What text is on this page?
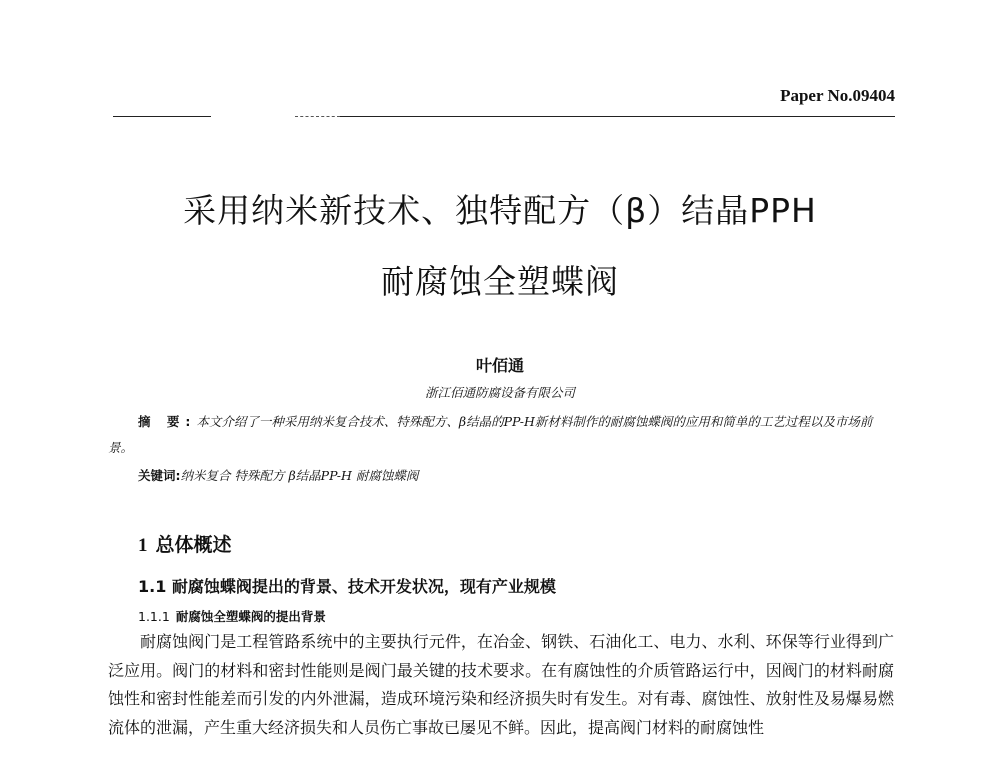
Paper No.09404
采用纳米新技术、独特配方（β）结晶PPH
耐腐蚀全塑蝶阀
叶佰通
浙江佰通防腐设备有限公司

摘 要:本文介绍了一种采用纳米复合技术、特殊配方、β结晶的PP-H新材料制作的耐腐蚀蝶阀的应用和简单的工艺过程以及市场前景。

关键词:纳米复合 特殊配方 β结晶PP-H 耐腐蚀蝶阀
1 总体概述
1.1 耐腐蚀蝶阀提出的背景、技术开发状况，现有产业规模
1.1.1 耐腐蚀全塑蝶阀的提出背景

耐腐蚀阀门是工程管路系统中的主要执行元件，在冶金、钢铁、石油化工、电力、水利、环保等行业得到广泛应用。阀门的材料和密封性能则是阀门最关键的技术要求。在有腐蚀性的介质管路运行中，因阀门的材料耐腐蚀性和密封性能差而引发的内外泄漏，造成环境污染和经济损失时有发生。对有毒、腐蚀性、放射性及易爆易燃流体的泄漏，产生重大经济损失和人员伤亡事故已屡见不鲜。因此，提高阀门材料的耐腐蚀性
